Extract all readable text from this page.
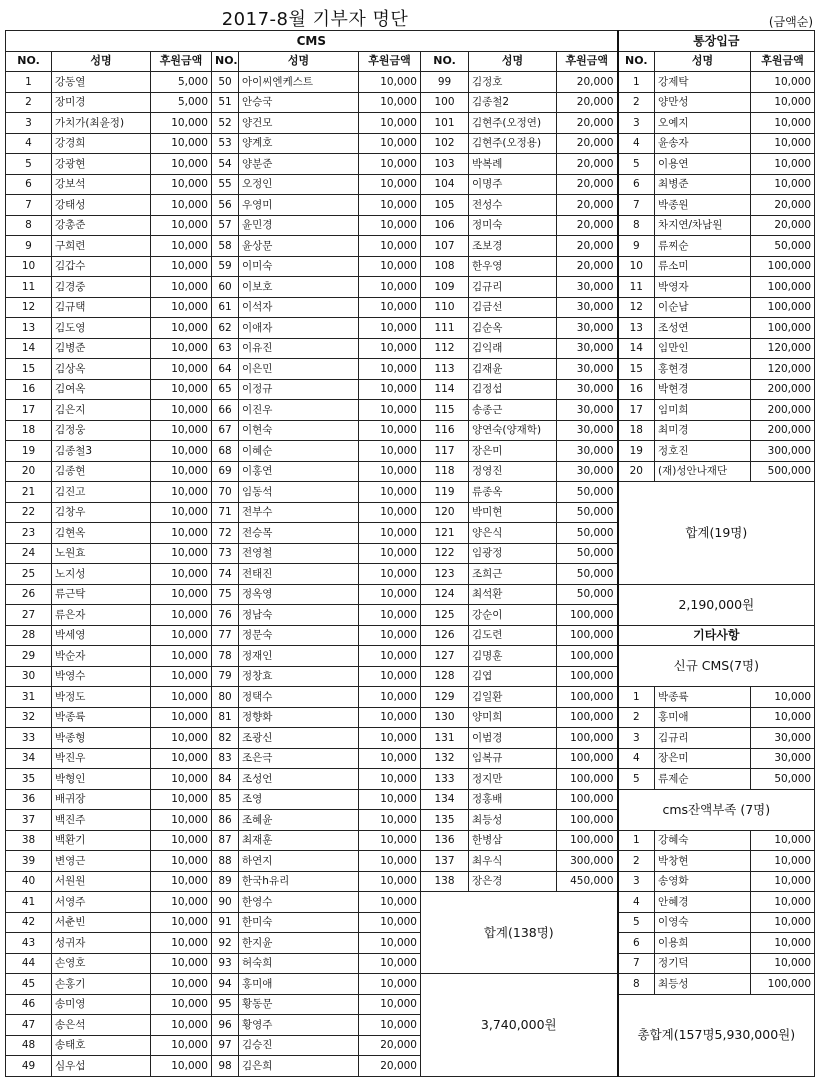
2017-8월 기부자 명단	(금액순)
CMS									통장입금		
NO.	성명	후원금액	NO.	성명	후원금액	NO.	성명	후원금액	NO.	성명	후원금액
1	강동열	5,000	50	아이씨엔케스트	10,000	99	김정호	20,000	1	강제탁	10,000
2	장미경	5,000	51	안승국	10,000	100	김종철2	20,000	2	양만성	10,000
3	가치가(최윤정)	10,000	52	양건모	10,000	101	김현주(오정연)	20,000	3	오예지	10,000
4	강경희	10,000	53	양계호	10,000	102	김현주(오정용)	20,000	4	윤송자	10,000
5	강광현	10,000	54	양분준	10,000	103	박복례	20,000	5	이용연	10,000
6	강보석	10,000	55	오정인	10,000	104	이명주	20,000	6	최병준	10,000
7	강태성	10,000	56	우영미	10,000	105	전성수	20,000	7	박종원	20,000
8	강총준	10,000	57	윤민경	10,000	106	정미숙	20,000	8	차지연/차남원	20,000
9	구희련	10,000	58	윤상문	10,000	107	조보경	20,000	9	류찌순	50,000
10	김갑수	10,000	59	이미숙	10,000	108	한우영	20,000	10	류소미	100,000
11	김경중	10,000	60	이보호	10,000	109	김규리	30,000	11	박영자	100,000
12	김규택	10,000	61	이석자	10,000	110	김금선	30,000	12	이순남	100,000
13	김도영	10,000	62	이애자	10,000	111	김순옥	30,000	13	조성연	100,000
14	김병준	10,000	63	이유진	10,000	112	김익래	30,000	14	임만인	120,000
15	김상옥	10,000	64	이은민	10,000	113	김재윤	30,000	15	홍현경	120,000
16	김여옥	10,000	65	이정규	10,000	114	김정섭	30,000	16	박현경	200,000
17	김은지	10,000	66	이진우	10,000	115	송종근	30,000	17	임미희	200,000
18	김정웅	10,000	67	이현숙	10,000	116	양연숙(양재학)	30,000	18	최미경	200,000
19	김종철3	10,000	68	이혜순	10,000	117	장은미	30,000	19	정호진	300,000
20	김종현	10,000	69	이홍연	10,000	118	정영진	30,000	20	(재)성안나재단	500,000
21	김진고	10,000	70	임동석	10,000	119	류종옥	50,000	합계(19명)		
22	김창우	10,000	71	전부수	10,000	120	박미현	50,000			
23	김현옥	10,000	72	전승목	10,000	121	양은식	50,000			
24	노원효	10,000	73	전영철	10,000	122	임광정	50,000			
25	노지성	10,000	74	전태진	10,000	123	조희근	50,000			
26	류근탁	10,000	75	정옥영	10,000	124	최석환	50,000	2,190,000원		
27	류은자	10,000	76	정남숙	10,000	125	강순이	100,000			
28	박세영	10,000	77	정문숙	10,000	126	김도련	100,000	기타사항		
29	박순자	10,000	78	정재인	10,000	127	김명훈	100,000	신규 CMS(7명)		
30	박영수	10,000	79	정창효	10,000	128	김엽	100,000			
31	박정도	10,000	80	정택수	10,000	129	김일환	100,000	1	박종륙	10,000
32	박종륙	10,000	81	정향화	10,000	130	양미희	100,000	2	홍미애	10,000
33	박종형	10,000	82	조광신	10,000	131	이범경	100,000	3	김규리	30,000
34	박진우	10,000	83	조은극	10,000	132	임복규	100,000	4	장은미	30,000
35	박형인	10,000	84	조성언	10,000	133	정지만	100,000	5	류제순	50,000
36	배귀장	10,000	85	조영	10,000	134	정홍배	100,000	cms잔액부족 (7명)		
37	백진주	10,000	86	조혜윤	10,000	135	최등성	100,000			
38	백환기	10,000	87	최재훈	10,000	136	한병삼	100,000	1	강혜숙	10,000
39	변영근	10,000	88	하연지	10,000	137	최우식	300,000	2	박창현	10,000
40	서원원	10,000	89	한국h유리	10,000	138	장은경	450,000	3	송영화	10,000
41	서영주	10,000	90	한영수	10,000	합계(138명)			4	안혜경	10,000
42	서춘빈	10,000	91	한미숙	10,000				5	이영숙	10,000
43	성귀자	10,000	92	한지윤	10,000				6	이용희	10,000
44	손영호	10,000	93	허숙희	10,000				7	정기덕	10,000
45	손홍기	10,000	94	홍미애	10,000	3,740,000원			8	최등성	100,000
46	송미영	10,000	95	황동문	10,000				총합계(157명5,930,000원)		
47	송은석	10,000	96	황영주	10,000						
48	송태호	10,000	97	김승진	20,000						
49	심우섭	10,000	98	김은희	20,000						
